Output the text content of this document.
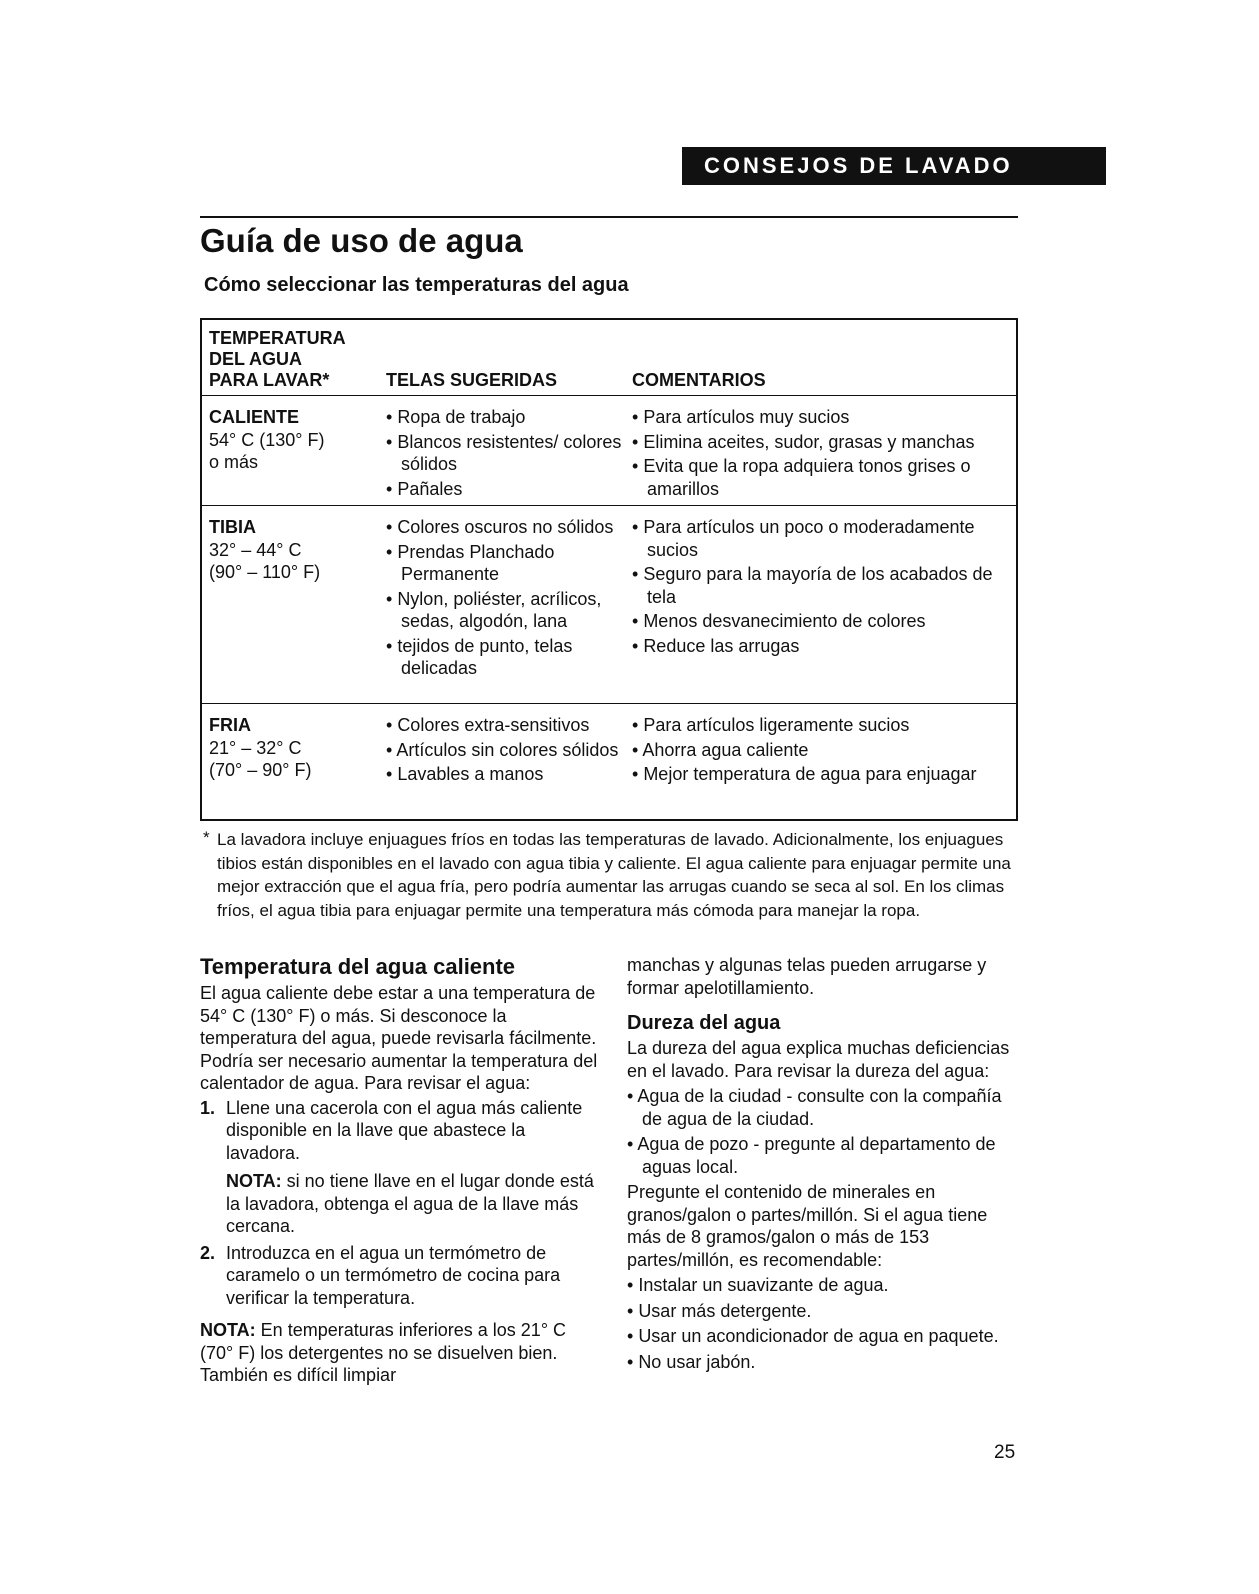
CONSEJOS DE LAVADO
Guía de uso de agua
Cómo seleccionar las temperaturas del agua
TEMPERATURA
DEL AGUA
PARA LAVAR*	TELAS SUGERIDAS	COMENTARIOS
CALIENTE
54° C (130° F)
o más
• Ropa de trabajo
• Blancos resistentes/ colores sólidos
• Pañales
• Para artículos muy sucios
• Elimina aceites, sudor, grasas y manchas
• Evita que la ropa adquiera tonos grises o amarillos
TIBIA
32° – 44° C
(90° – 110° F)
• Colores oscuros no sólidos
• Prendas Planchado Permanente
• Nylon, poliéster, acrílicos, sedas, algodón, lana
• tejidos de punto, telas delicadas
• Para artículos un poco o moderadamente sucios
• Seguro para la mayoría de los acabados de tela
• Menos desvanecimiento de colores
• Reduce las arrugas
FRIA
21° – 32° C
(70° – 90° F)
• Colores extra-sensitivos
• Artículos sin colores sólidos
• Lavables a manos
• Para artículos ligeramente sucios
• Ahorra agua caliente
• Mejor temperatura de agua para enjuagar
* La lavadora incluye enjuagues fríos en todas las temperaturas de lavado. Adicionalmente, los enjuagues tibios están disponibles en el lavado con agua tibia y caliente. El agua caliente para enjuagar permite una mejor extracción que el agua fría, pero podría aumentar las arrugas cuando se seca al sol. En los climas fríos, el agua tibia para enjuagar permite una temperatura más cómoda para manejar la ropa.

Temperatura del agua caliente

El agua caliente debe estar a una temperatura de 54° C (130° F) o más. Si desconoce la temperatura del agua, puede revisarla fácilmente. Podría ser necesario aumentar la temperatura del calentador de agua. Para revisar el agua:

1. Llene una cacerola con el agua más caliente disponible en la llave que abastece la lavadora.
NOTA: si no tiene llave en el lugar donde está la lavadora, obtenga el agua de la llave más cercana.
2. Introduzca en el agua un termómetro de caramelo o un termómetro de cocina para verificar la temperatura.

NOTA: En temperaturas inferiores a los 21° C (70° F) los detergentes no se disuelven bien. También es difícil limpiar

manchas y algunas telas pueden arrugarse y formar apelotillamiento.

Dureza del agua

La dureza del agua explica muchas deficiencias en el lavado. Para revisar la dureza del agua:

• Agua de la ciudad - consulte con la compañía de agua de la ciudad.
• Agua de pozo - pregunte al departamento de aguas local.

Pregunte el contenido de minerales en granos/galon o partes/millón. Si el agua tiene más de 8 gramos/galon o más de 153 partes/millón, es recomendable:

• Instalar un suavizante de agua.
• Usar más detergente.
• Usar un acondicionador de agua en paquete.
• No usar jabón.
25
